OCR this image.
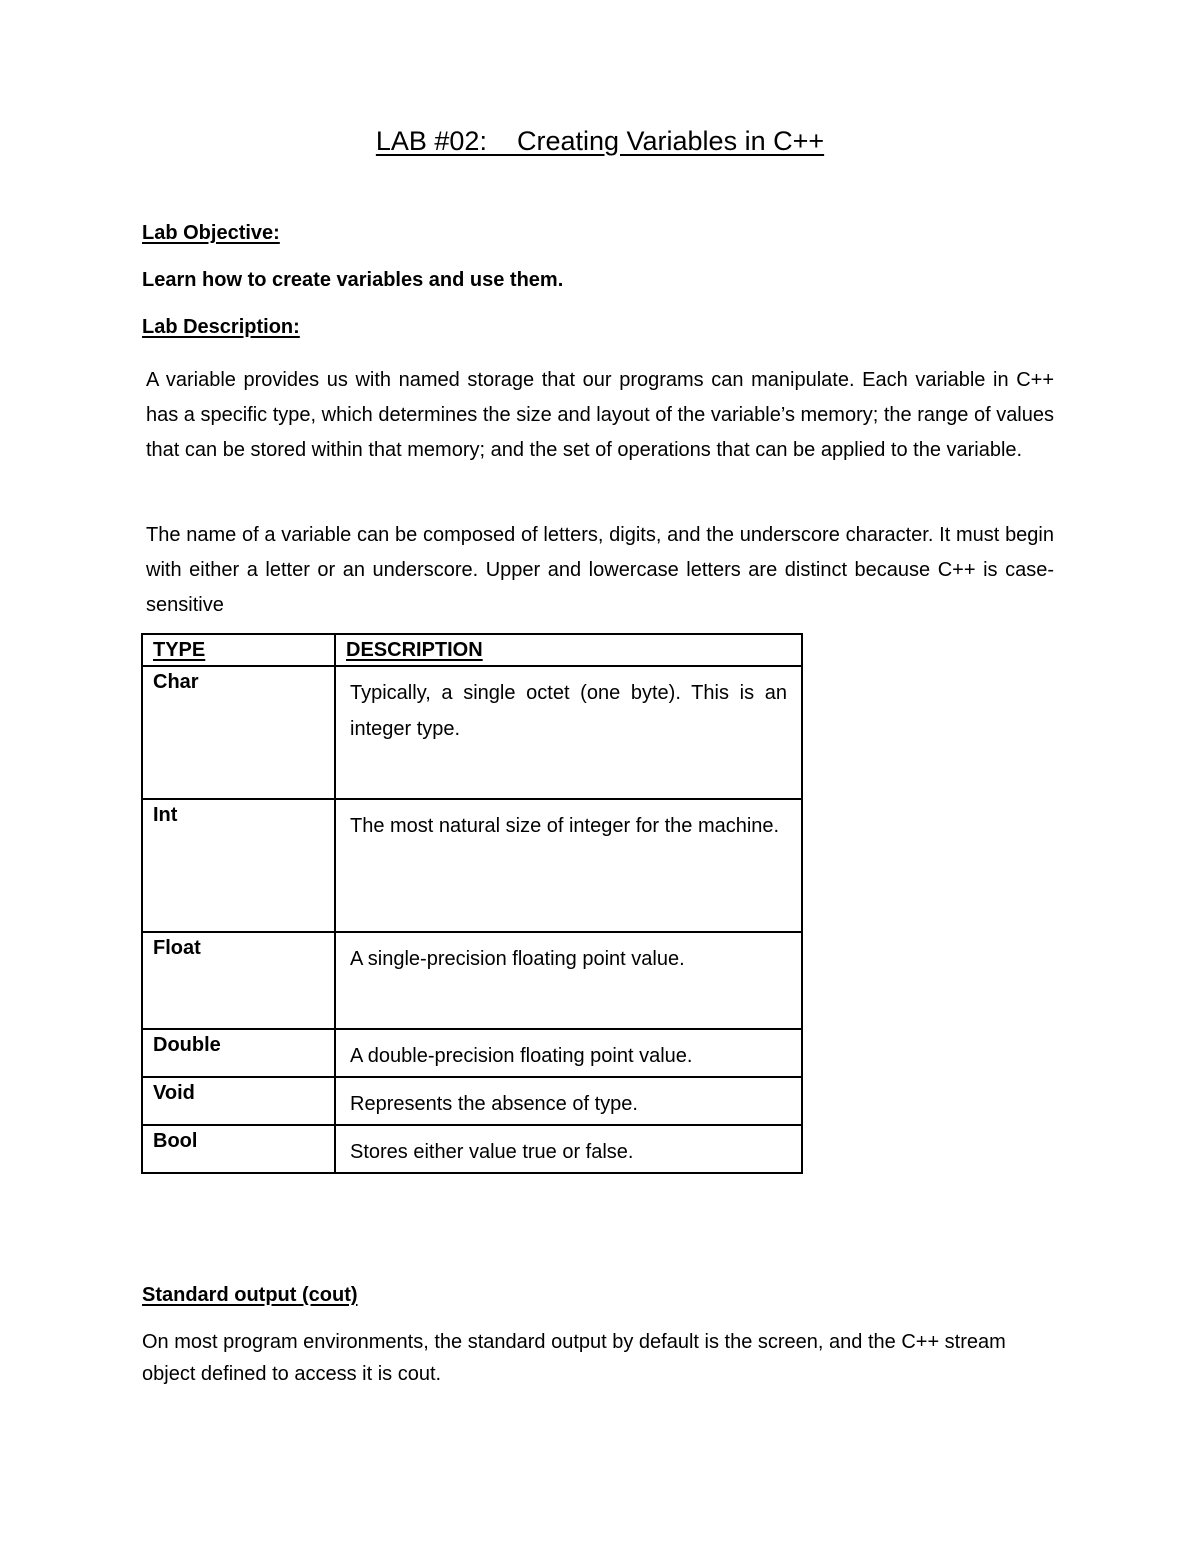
LAB #02:    Creating Variables in C++
Lab Objective:
Learn how to create variables and use them.
Lab Description:
A variable provides us with named storage that our programs can manipulate. Each variable in C++ has a specific type, which determines the size and layout of the variable’s memory; the range of values that can be stored within that memory; and the set of operations that can be applied to the variable.
The name of a variable can be composed of letters, digits, and the underscore character. It must begin with either a letter or an underscore. Upper and lowercase letters are distinct because C++ is case-sensitive
TYPE	DESCRIPTION

Char	Typically, a single octet (one byte). This is an integer type.

Int	The most natural size of integer for the machine.

Float	A single-precision floating point value.

Double	A double-precision floating point value.

Void	Represents the absence of type.

Bool	Stores either value true or false.
Standard output (cout)
On most program environments, the standard output by default is the screen, and the C++ stream object defined to access it is cout.
